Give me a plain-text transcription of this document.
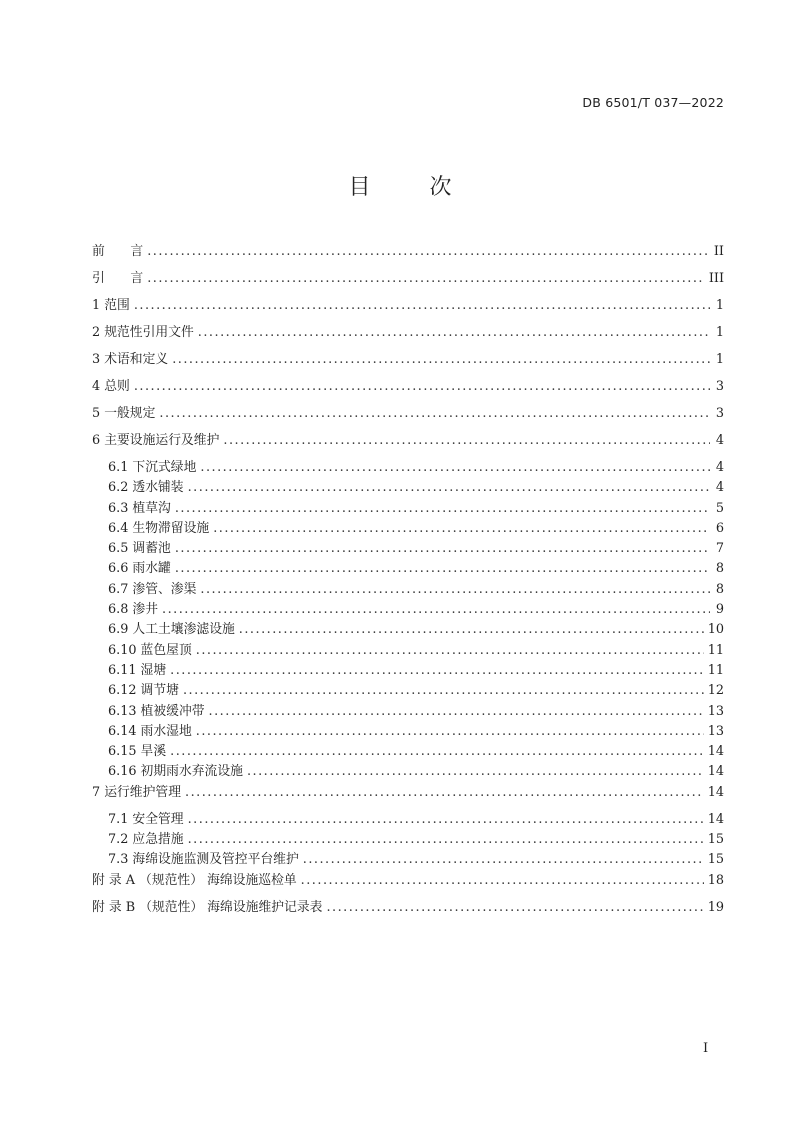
DB 6501/T 037—2022
目 次
前　　言 .....	II
引　　言 .....	III
1 范围 .....	1
2 规范性引用文件 .....	1
3 术语和定义 .....	1
4 总则 .....	3
5 一般规定 .....	3
6 主要设施运行及维护 .....	4
6.1 下沉式绿地 .....	4
6.2 透水铺装 .....	4
6.3 植草沟 .....	5
6.4 生物滞留设施 .....	6
6.5 调蓄池 .....	7
6.6 雨水罐 .....	8
6.7 渗管、渗渠 .....	8
6.8 渗井 .....	9
6.9 人工土壤渗滤设施 .....	10
6.10 蓝色屋顶 .....	11
6.11 湿塘 .....	11
6.12 调节塘 .....	12
6.13 植被缓冲带 .....	13
6.14 雨水湿地 .....	13
6.15 旱溪 .....	14
6.16 初期雨水弃流设施 .....	14
7 运行维护管理 .....	14
7.1 安全管理 .....	14
7.2 应急措施 .....	15
7.3 海绵设施监测及管控平台维护 .....	15
附 录 A （规范性） 海绵设施巡检单 .....	18
附 录 B （规范性） 海绵设施维护记录表 .....	19
I
